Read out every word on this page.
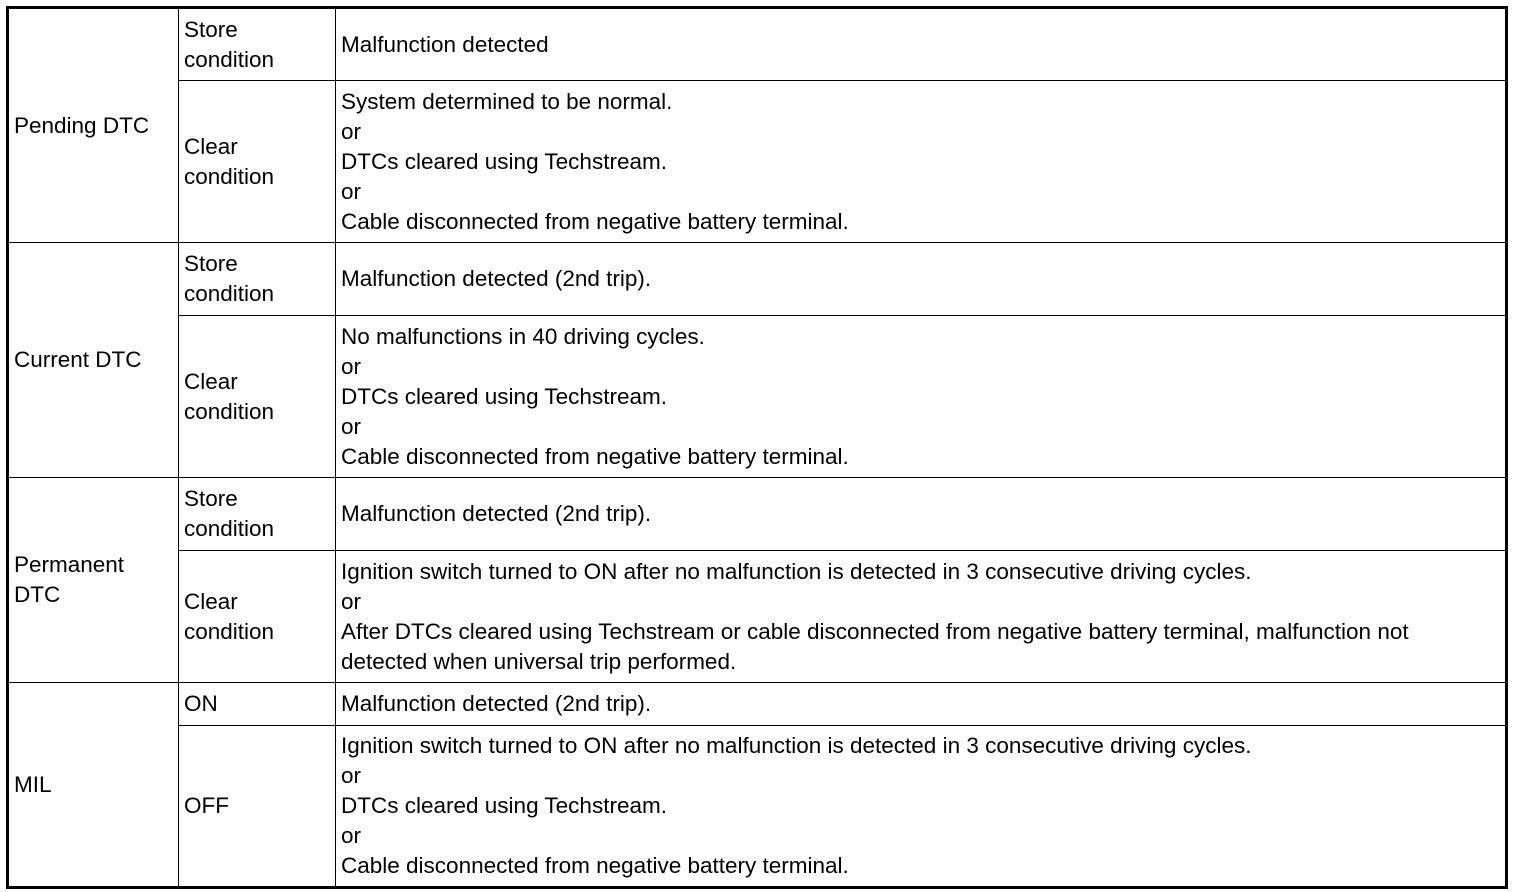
Pending DTC	Store condition	Malfunction detected

	Clear condition	System determined to be normal.
or
DTCs cleared using Techstream.
or
Cable disconnected from negative battery terminal.

Current DTC	Store condition	Malfunction detected (2nd trip).

	Clear condition	No malfunctions in 40 driving cycles.
or
DTCs cleared using Techstream.
or
Cable disconnected from negative battery terminal.

Permanent DTC	Store condition	Malfunction detected (2nd trip).

	Clear condition	Ignition switch turned to ON after no malfunction is detected in 3 consecutive driving cycles.
or
After DTCs cleared using Techstream or cable disconnected from negative battery terminal, malfunction not detected when universal trip performed.

MIL	ON	Malfunction detected (2nd trip).

	OFF	Ignition switch turned to ON after no malfunction is detected in 3 consecutive driving cycles.
or
DTCs cleared using Techstream.
or
Cable disconnected from negative battery terminal.
